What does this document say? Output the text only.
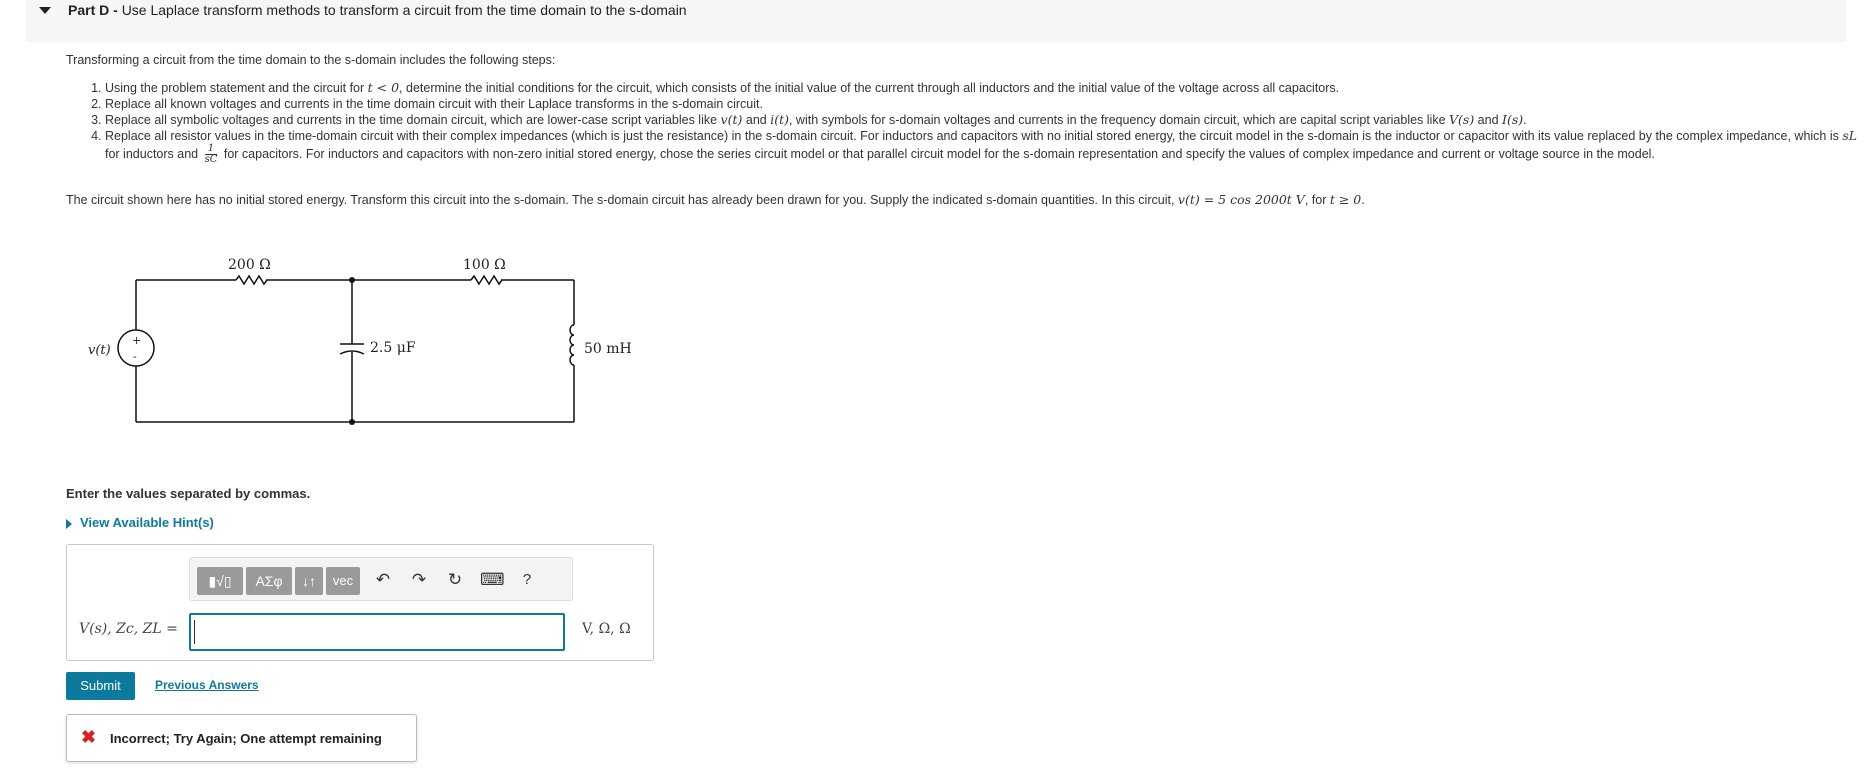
Part D - Use Laplace transform methods to transform a circuit from the time domain to the s-domain
Transforming a circuit from the time domain to the s-domain includes the following steps:
1. Using the problem statement and the circuit for t < 0, determine the initial conditions for the circuit, which consists of the initial value of the current through all inductors and the initial value of the voltage across all capacitors.
2. Replace all known voltages and currents in the time domain circuit with their Laplace transforms in the s-domain circuit.
3. Replace all symbolic voltages and currents in the time domain circuit, which are lower-case script variables like v(t) and i(t), with symbols for s-domain voltages and currents in the frequency domain circuit, which are capital script variables like V(s) and I(s).
4. Replace all resistor values in the time-domain circuit with their complex impedances (which is just the resistance) in the s-domain circuit. For inductors and capacitors with no initial stored energy, the circuit model in the s-domain is the inductor or capacitor with its value replaced by the complex impedance, which is sL for inductors and $\frac{1}{sC}$ for capacitors. For inductors and capacitors with non-zero initial stored energy, chose the series circuit model or that parallel circuit model for the s-domain representation and specify the values of complex impedance and current or voltage source in the model.
The circuit shown here has no initial stored energy. Transform this circuit into the s-domain. The s-domain circuit has already been drawn for you. Supply the indicated s-domain quantities. In this circuit, v(t) = 5 cos 2000t V, for t ≥ 0.
200 Ω	100 Ω
2.5 μF	50 mH
v(t)
+
-
Enter the values separated by commas.
View Available Hint(s)
▮√▯	ΑΣφ	↓↑	vec	↶ ↷ ↻ ⌨	?
V(s), Zc, ZL =	V, Ω, Ω
Submit	Previous Answers
✖ Incorrect; Try Again; One attempt remaining
